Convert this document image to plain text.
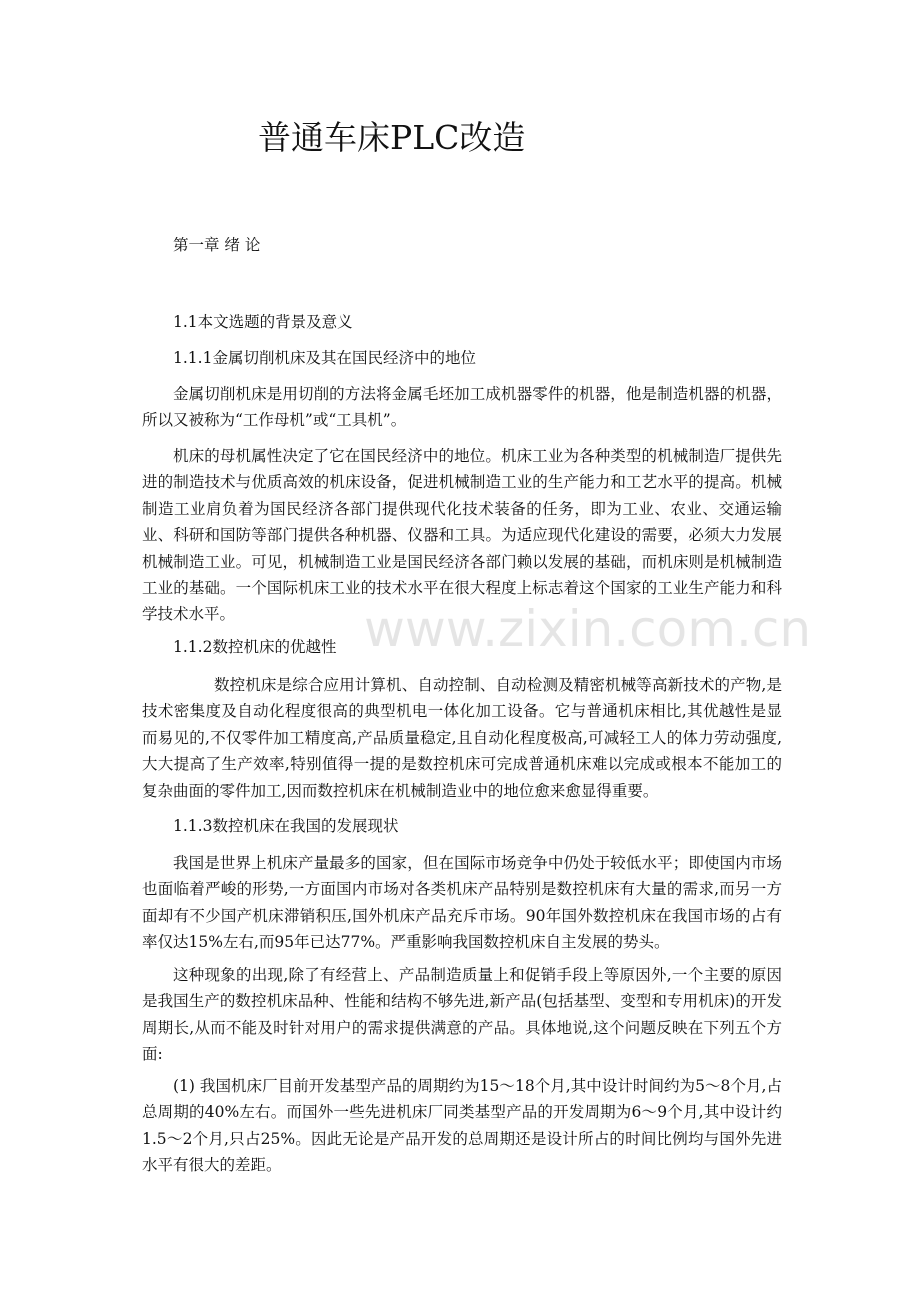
www.zixin.com.cn
普通车床PLC改造
第一章 绪 论
1.1本文选题的背景及意义
1.1.1金属切削机床及其在国民经济中的地位
金属切削机床是用切削的方法将金属毛坯加工成机器零件的机器，他是制造机器的机器，所以又被称为“工作母机”或“工具机”。
机床的母机属性决定了它在国民经济中的地位。机床工业为各种类型的机械制造厂提供先进的制造技术与优质高效的机床设备，促进机械制造工业的生产能力和工艺水平的提高。机械制造工业肩负着为国民经济各部门提供现代化技术装备的任务，即为工业、农业、交通运输业、科研和国防等部门提供各种机器、仪器和工具。为适应现代化建设的需要，必须大力发展机械制造工业。可见，机械制造工业是国民经济各部门赖以发展的基础，而机床则是机械制造工业的基础。一个国际机床工业的技术水平在很大程度上标志着这个国家的工业生产能力和科学技术水平。
1.1.2数控机床的优越性
数控机床是综合应用计算机、自动控制、自动检测及精密机械等高新技术的产物,是技术密集度及自动化程度很高的典型机电一体化加工设备。它与普通机床相比,其优越性是显而易见的,不仅零件加工精度高,产品质量稳定,且自动化程度极高,可减轻工人的体力劳动强度,大大提高了生产效率,特别值得一提的是数控机床可完成普通机床难以完成或根本不能加工的复杂曲面的零件加工,因而数控机床在机械制造业中的地位愈来愈显得重要。
1.1.3数控机床在我国的发展现状
我国是世界上机床产量最多的国家，但在国际市场竞争中仍处于较低水平；即使国内市场也面临着严峻的形势,一方面国内市场对各类机床产品特别是数控机床有大量的需求,而另一方面却有不少国产机床滞销积压,国外机床产品充斥市场。90年国外数控机床在我国市场的占有率仅达15%左右,而95年已达77%。严重影响我国数控机床自主发展的势头。
这种现象的出现,除了有经营上、产品制造质量上和促销手段上等原因外,一个主要的原因是我国生产的数控机床品种、性能和结构不够先进,新产品(包括基型、变型和专用机床)的开发周期长,从而不能及时针对用户的需求提供满意的产品。具体地说,这个问题反映在下列五个方面:
(1) 我国机床厂目前开发基型产品的周期约为15～18个月,其中设计时间约为5～8个月,占总周期的40%左右。而国外一些先进机床厂同类基型产品的开发周期为6～9个月,其中设计约1.5～2个月,只占25%。因此无论是产品开发的总周期还是设计所占的时间比例均与国外先进水平有很大的差距。
